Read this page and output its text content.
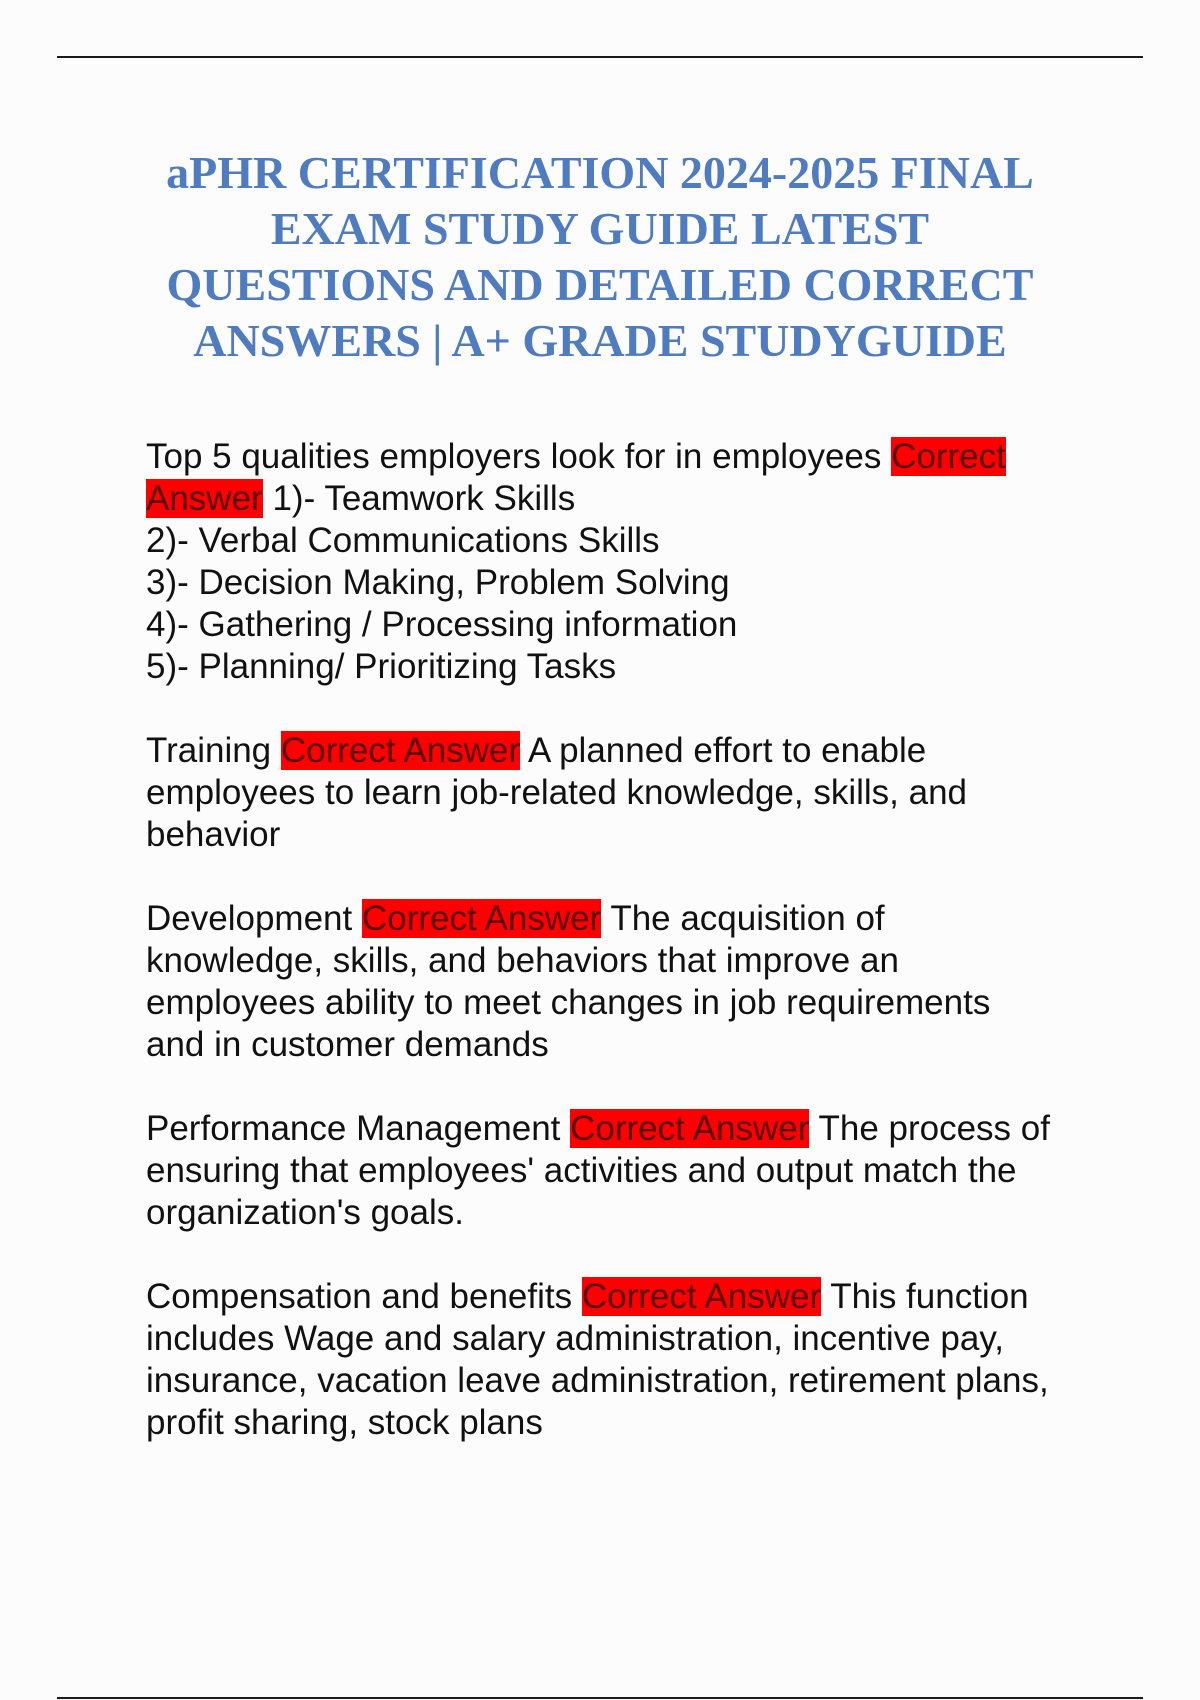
aPHR CERTIFICATION 2024-2025 FINAL
EXAM STUDY GUIDE LATEST
QUESTIONS AND DETAILED CORRECT
ANSWERS | A+ GRADE STUDYGUIDE
Top 5 qualities employers look for in employees Correct
Answer 1)- Teamwork Skills
2)- Verbal Communications Skills
3)- Decision Making, Problem Solving
4)- Gathering / Processing information
5)- Planning/ Prioritizing Tasks
Training Correct Answer A planned effort to enable
employees to learn job-related knowledge, skills, and
behavior
Development Correct Answer The acquisition of
knowledge, skills, and behaviors that improve an
employees ability to meet changes in job requirements
and in customer demands
Performance Management Correct Answer The process of
ensuring that employees' activities and output match the
organization's goals.
Compensation and benefits Correct Answer This function
includes Wage and salary administration, incentive pay,
insurance, vacation leave administration, retirement plans,
profit sharing, stock plans
